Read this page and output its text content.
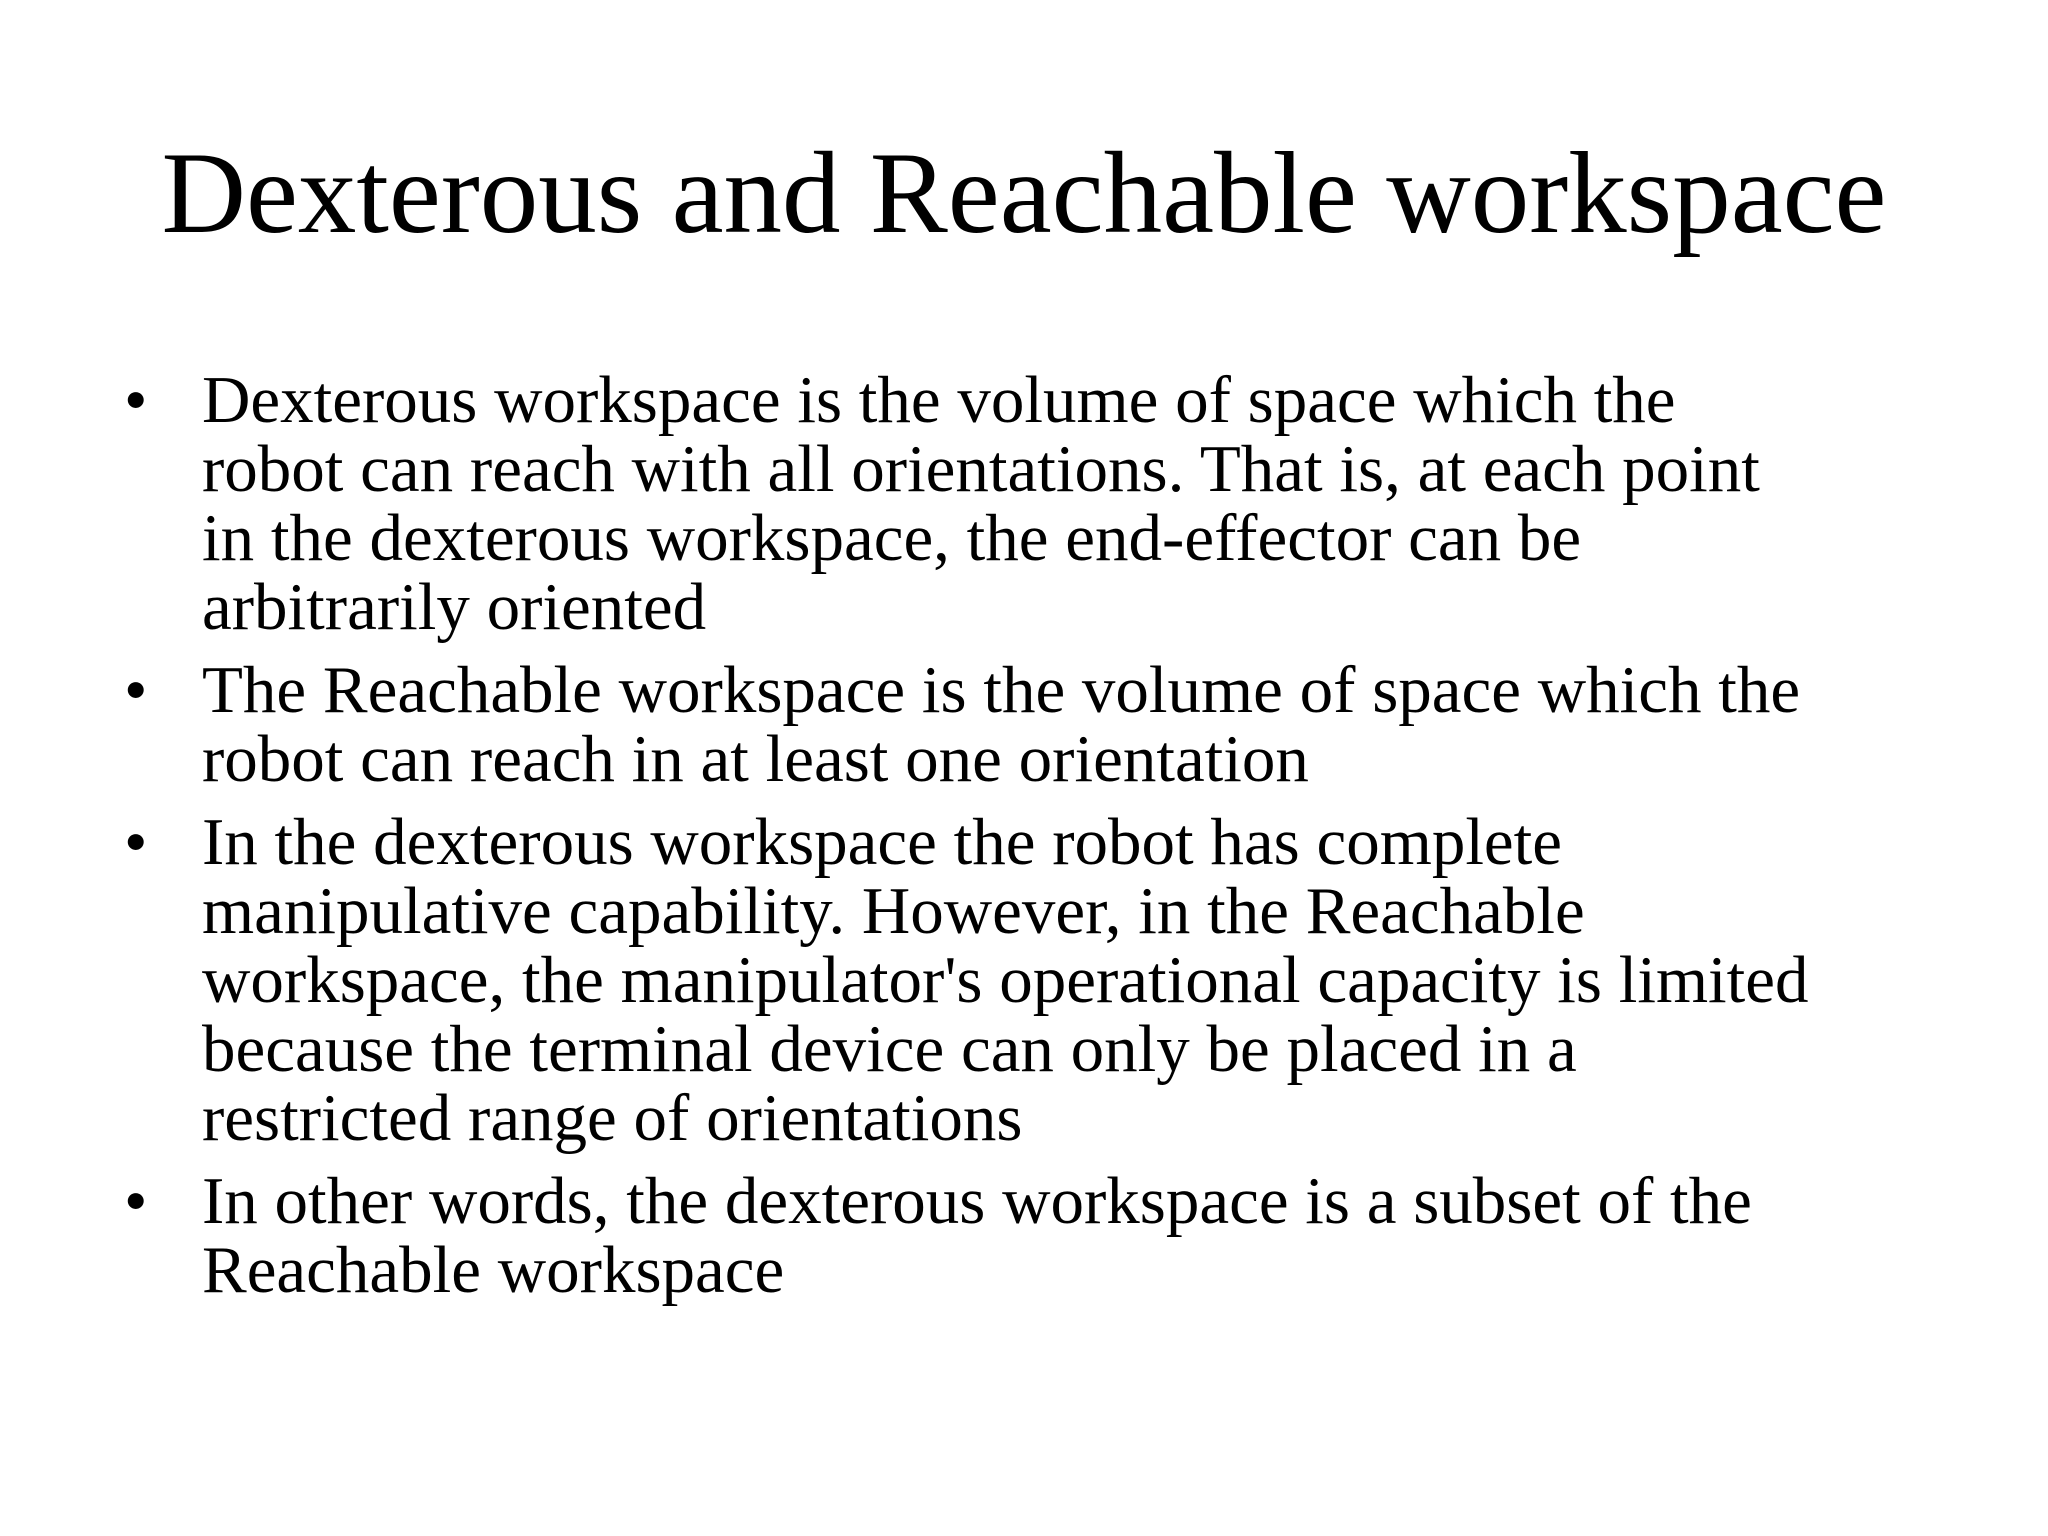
Dexterous and Reachable workspace
• Dexterous workspace is the volume of space which the
robot can reach with all orientations. That is, at each point
in the dexterous workspace, the end-effector can be
arbitrarily oriented
• The Reachable workspace is the volume of space which the
robot can reach in at least one orientation
• In the dexterous workspace the robot has complete
manipulative capability. However, in the Reachable
workspace, the manipulator's operational capacity is limited
because the terminal device can only be placed in a
restricted range of orientations
• In other words, the dexterous workspace is a subset of the
Reachable workspace
